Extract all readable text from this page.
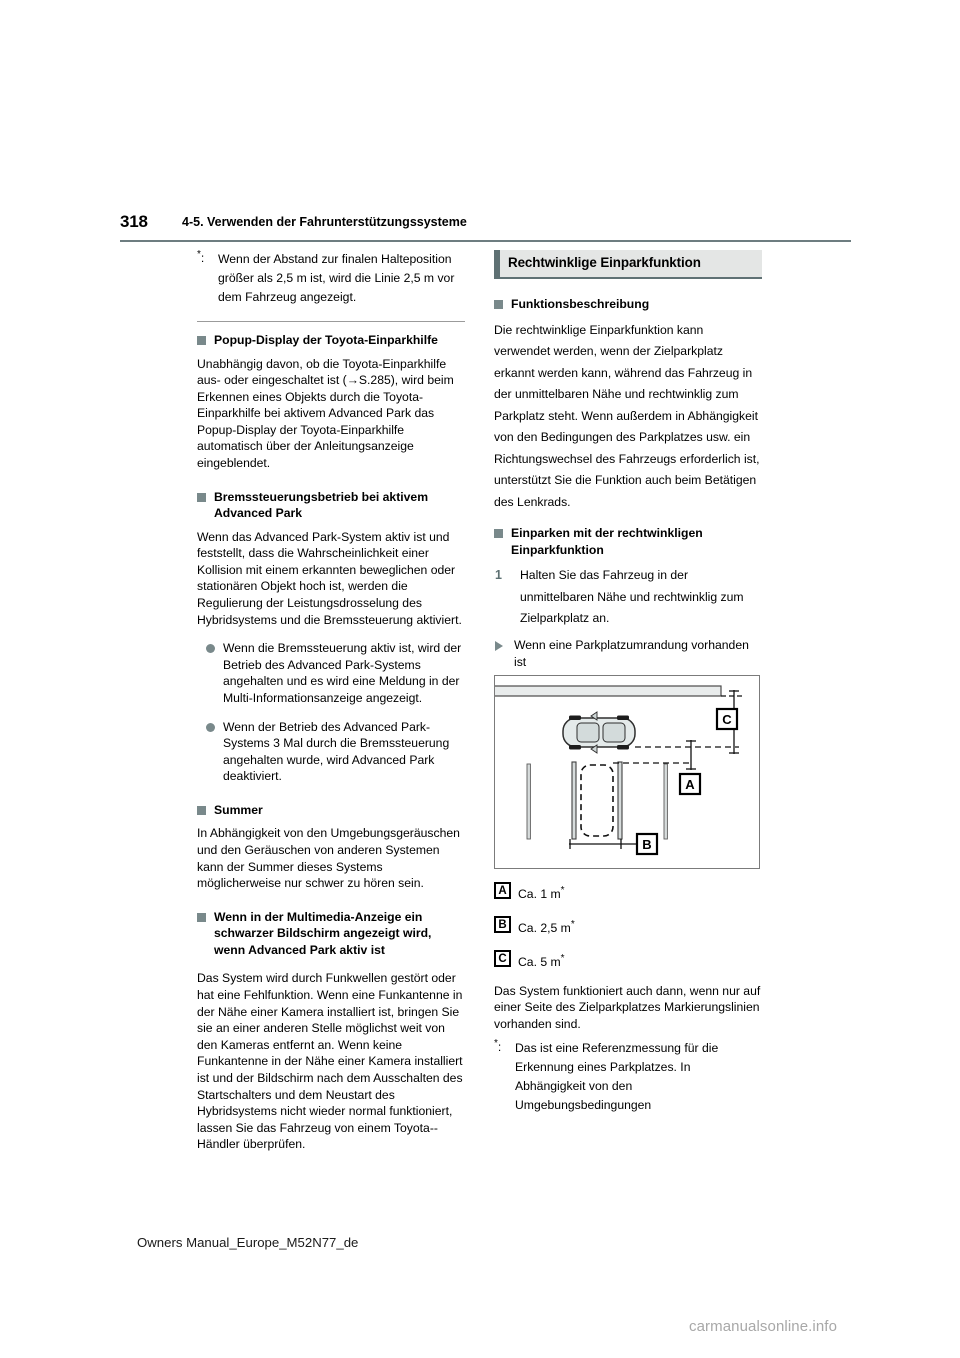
318	4-5. Verwenden der Fahrunterstützungssysteme
*:	Wenn der Abstand zur finalen Halteposition größer als 2,5 m ist, wird die Linie 2,5 m vor dem Fahrzeug angezeigt.
Popup-Display der Toyota-Einparkhilfe
Unabhängig davon, ob die Toyota-Einparkhilfe aus- oder eingeschaltet ist (→S.285), wird beim Erkennen eines Objekts durch die Toyota-Einparkhilfe bei aktivem Advanced Park das Popup-Display der Toyota-Einparkhilfe automatisch über der Anleitungsanzeige eingeblendet.
Bremssteuerungsbetrieb bei aktivem Advanced Park
Wenn das Advanced Park-System aktiv ist und feststellt, dass die Wahrscheinlichkeit einer Kollision mit einem erkannten beweglichen oder stationären Objekt hoch ist, werden die Regulierung der Leistungsdrosselung des Hybridsystems und die Bremssteuerung aktiviert.
Wenn die Bremssteuerung aktiv ist, wird der Betrieb des Advanced Park-Systems angehalten und es wird eine Meldung in der Multi-Informationsanzeige angezeigt.
Wenn der Betrieb des Advanced Park-Systems 3 Mal durch die Bremssteuerung angehalten wurde, wird Advanced Park deaktiviert.
Summer
In Abhängigkeit von den Umgebungsgeräuschen und den Geräuschen von anderen Systemen kann der Summer dieses Systems möglicherweise nur schwer zu hören sein.
Wenn in der Multimedia-Anzeige ein schwarzer Bildschirm angezeigt wird, wenn Advanced Park aktiv ist
Das System wird durch Funkwellen gestört oder hat eine Fehlfunktion. Wenn eine Funkantenne in der Nähe einer Kamera installiert ist, bringen Sie sie an einer anderen Stelle möglichst weit von den Kameras entfernt an. Wenn keine Funkantenne in der Nähe einer Kamera installiert ist und der Bildschirm nach dem Ausschalten des Startschalters und dem Neustart des Hybridsystems nicht wieder normal funktioniert, lassen Sie das Fahrzeug von einem Toyota--Händler überprüfen.
Rechtwinklige Einparkfunktion
Funktionsbeschreibung
Die rechtwinklige Einparkfunktion kann verwendet werden, wenn der Zielparkplatz erkannt werden kann, während das Fahrzeug in der unmittelbaren Nähe und rechtwinklig zum Parkplatz steht. Wenn außerdem in Abhängigkeit von den Bedingungen des Parkplatzes usw. ein Richtungswechsel des Fahrzeugs erforderlich ist, unterstützt Sie die Funktion auch beim Betätigen des Lenkrads.
Einparken mit der rechtwinkligen Einparkfunktion
1 Halten Sie das Fahrzeug in der unmittelbaren Nähe und rechtwinklig zum Zielparkplatz an.
Wenn eine Parkplatzumrandung vorhanden ist
A
C
B
A Ca. 1 m*
B Ca. 2,5 m*
C Ca. 5 m*
Das System funktioniert auch dann, wenn nur auf einer Seite des Zielparkplatzes Markierungslinien vorhanden sind.
*:	Das ist eine Referenzmessung für die Erkennung eines Parkplatzes. In Abhängigkeit von den Umgebungsbedingungen
Owners Manual_Europe_M52N77_de
carmanualsonline.info
